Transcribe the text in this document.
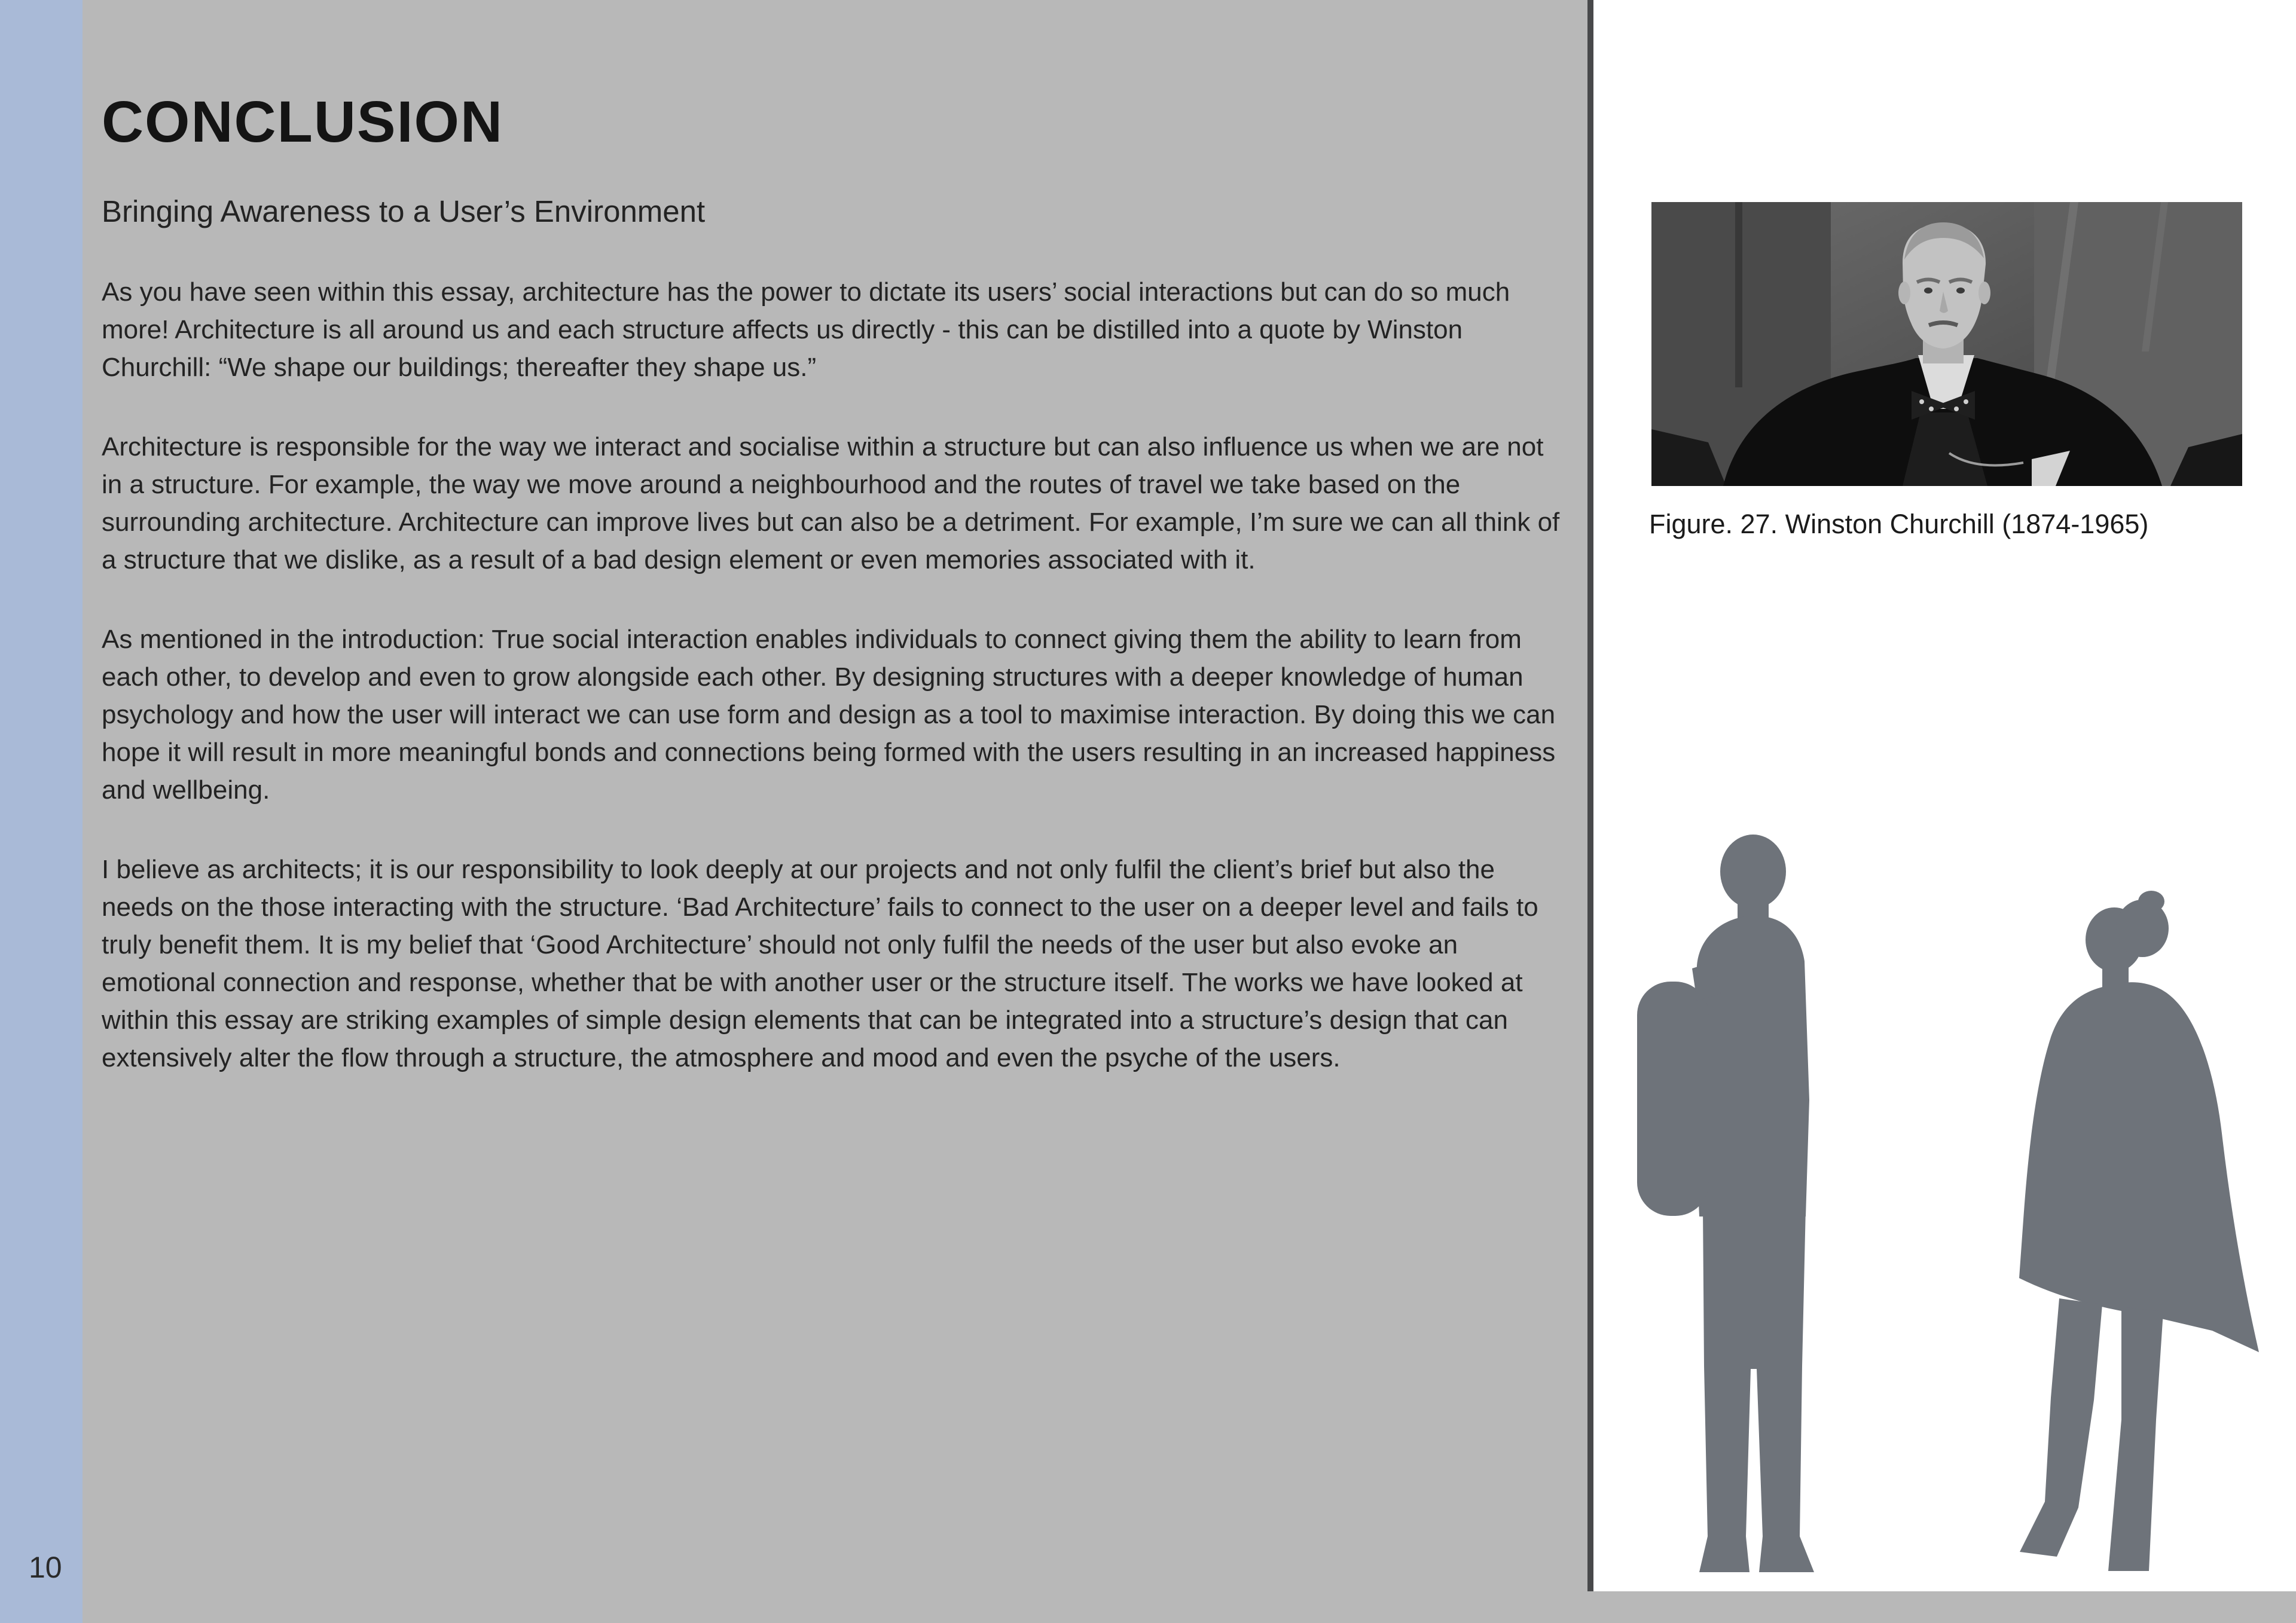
10
CONCLUSION
Bringing Awareness to a User’s Environment

As you have seen within this essay, architecture has the power to dictate its users’ social interactions but can do so much more! Architecture is all around us and each structure affects us directly - this can be distilled into a quote by Winston Churchill: “We shape our buildings; thereafter they shape us.”

Architecture is responsible for the way we interact and socialise within a structure but can also influence us when we are not in a structure. For example, the way we move around a neighbourhood and the routes of travel we take based on the surrounding architecture. Architecture can improve lives but can also be a detriment. For example, I’m sure we can all think of a structure that we dislike, as a result of a bad design element or even memories associated with it.

As mentioned in the introduction: True social interaction enables individuals to connect giving them the ability to learn from each other, to develop and even to grow alongside each other. By designing structures with a deeper knowledge of human psychology and how the user will interact we can use form and design as a tool to maximise interaction. By doing this we can hope it will result in more meaningful bonds and connections being formed with the users resulting in an increased happiness and wellbeing.

I believe as architects; it is our responsibility to look deeply at our projects and not only fulfil the client’s brief but also the needs on the those interacting with the structure. ‘Bad Architecture’ fails to connect to the user on a deeper level and fails to truly benefit them. It is my belief that ‘Good Architecture’ should not only fulfil the needs of the user but also evoke an emotional connection and response, whether that be with another user or the structure itself. The works we have looked at within this essay are striking examples of simple design elements that can be integrated into a structure’s design that can extensively alter the flow through a structure, the atmosphere and mood and even the psyche of the users.

Figure. 27. Winston Churchill (1874-1965)
